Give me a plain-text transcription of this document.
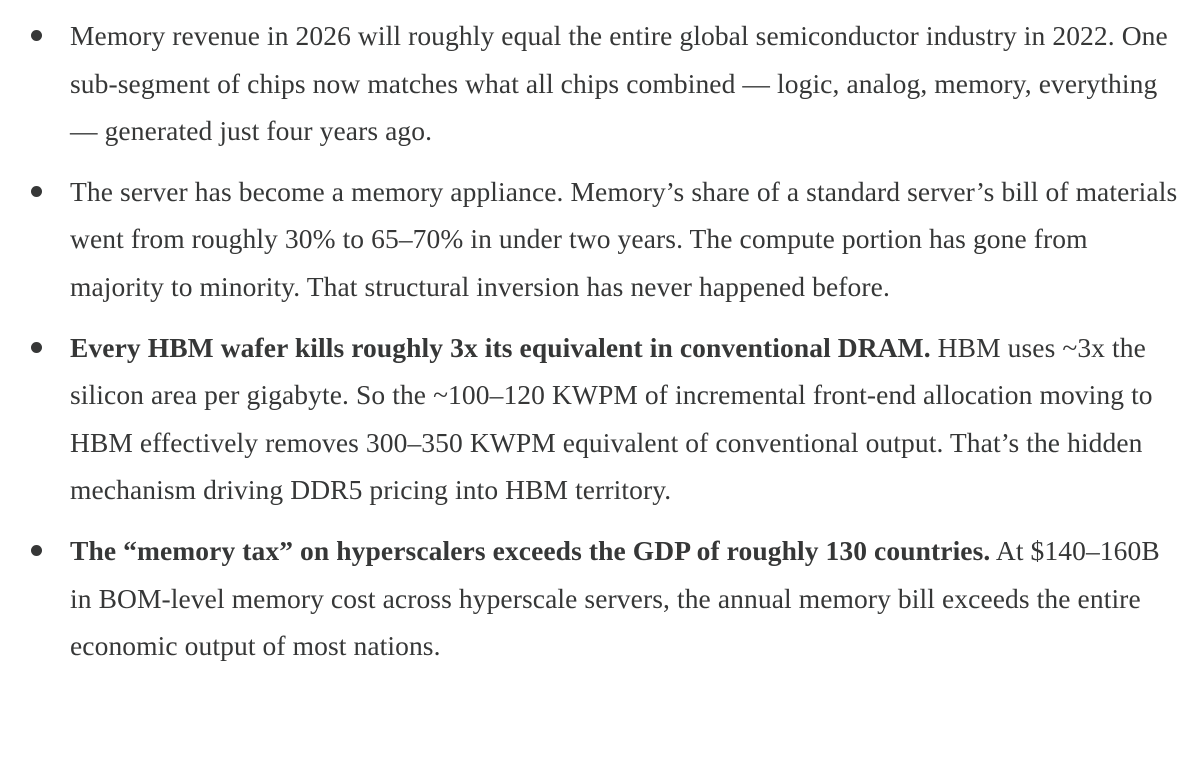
Memory revenue in 2026 will roughly equal the entire global semiconductor industry in 2022. One sub-segment of chips now matches what all chips combined — logic, analog, memory, everything — generated just four years ago.
The server has become a memory appliance. Memory’s share of a standard server’s bill of materials went from roughly 30% to 65–70% in under two years. The compute portion has gone from majority to minority. That structural inversion has never happened before.
Every HBM wafer kills roughly 3x its equivalent in conventional DRAM. HBM uses ~3x the silicon area per gigabyte. So the ~100–120 KWPM of incremental front-end allocation moving to HBM effectively removes 300–350 KWPM equivalent of conventional output. That’s the hidden mechanism driving DDR5 pricing into HBM territory.
The “memory tax” on hyperscalers exceeds the GDP of roughly 130 countries. At $140–160B in BOM-level memory cost across hyperscale servers, the annual memory bill exceeds the entire economic output of most nations.
